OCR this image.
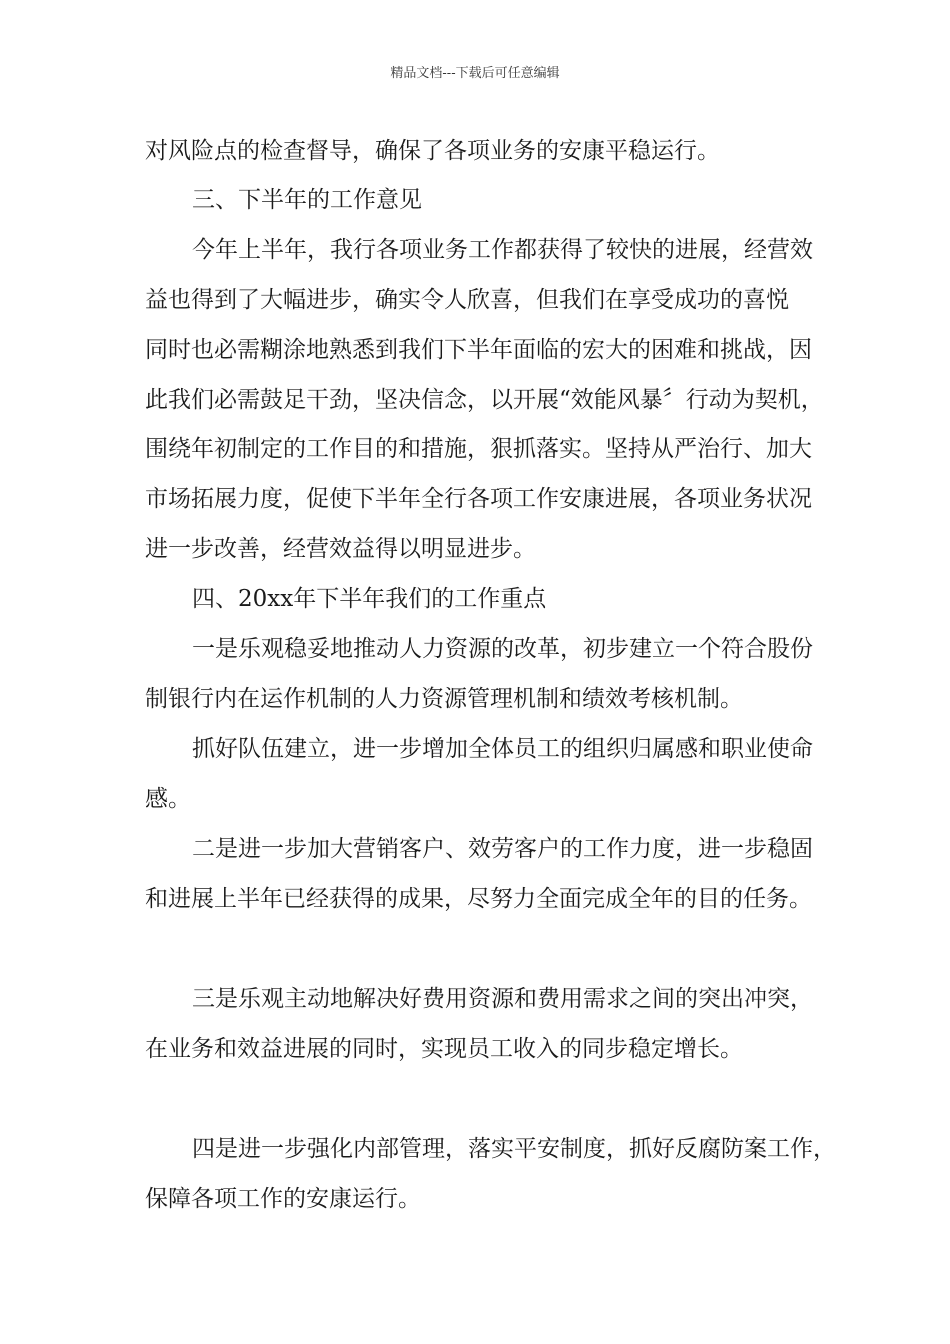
精品文档---下载后可任意编辑
对风险点的检查督导，确保了各项业务的安康平稳运行。
三、下半年的工作意见
今年上半年，我行各项业务工作都获得了较快的进展，经营效
益也得到了大幅进步，确实令人欣喜，但我们在享受成功的喜悦
同时也必需糊涂地熟悉到我们下半年面临的宏大的困难和挑战，因
此我们必需鼓足干劲，坚决信念，以开展“效能风暴〞行动为契机，
围绕年初制定的工作目的和措施，狠抓落实。坚持从严治行、加大
市场拓展力度，促使下半年全行各项工作安康进展，各项业务状况
进一步改善，经营效益得以明显进步。
四、20xx年下半年我们的工作重点
一是乐观稳妥地推动人力资源的改革，初步建立一个符合股份
制银行内在运作机制的人力资源管理机制和绩效考核机制。
抓好队伍建立，进一步增加全体员工的组织归属感和职业使命
感。
二是进一步加大营销客户、效劳客户的工作力度，进一步稳固
和进展上半年已经获得的成果，尽努力全面完成全年的目的任务。
三是乐观主动地解决好费用资源和费用需求之间的突出冲突，
在业务和效益进展的同时，实现员工收入的同步稳定增长。
四是进一步强化内部管理，落实平安制度，抓好反腐防案工作，
保障各项工作的安康运行。
